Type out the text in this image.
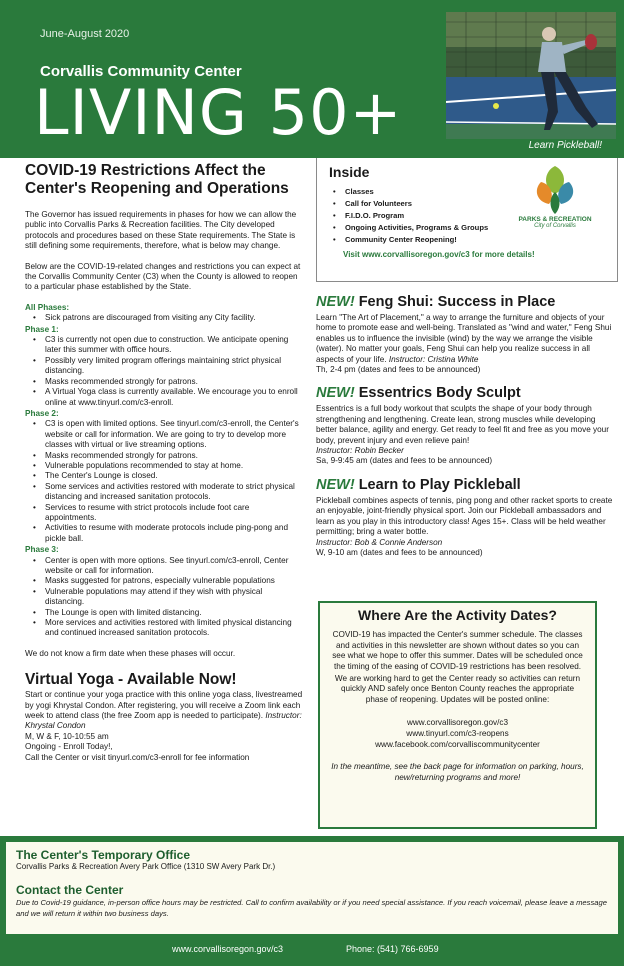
June-August 2020
Corvallis Community Center
LIVING 50+	Learn Pickleball!
COVID-19 Restrictions Affect the Center's Reopening and Operations

The Governor has issued requirements in phases for how we can allow the public into Corvallis Parks & Recreation facilities. The City developed protocols and procedures based on these State requirements. The State is still defining some requirements, therefore, what is below may change.

Below are the COVID-19-related changes and restrictions you can expect at the Corvallis Community Center (C3) when the County is allowed to reopen to a particular phase established by the State.

All Phases:
• Sick patrons are discouraged from visiting any City facility.
Phase 1:
• C3 is currently not open due to construction. We anticipate opening later this summer with office hours.
• Possibly very limited program offerings maintaining strict physical distancing.
• Masks recommended strongly for patrons.
• A Virtual Yoga class is currently available. We encourage you to enroll online at www.tinyurl.com/c3-enroll.
Phase 2:
• C3 is open with limited options. See tinyurl.com/c3-enroll, the Center's website or call for information. We are going to try to develop more classes with virtual or live streaming options.
• Masks recommended strongly for patrons.
• Vulnerable populations recommended to stay at home.
• The Center's Lounge is closed.
• Some services and activities restored with moderate to strict physical distancing and increased sanitation protocols.
• Services to resume with strict protocols include foot care appointments.
• Activities to resume with moderate protocols include ping-pong and pickle ball.
Phase 3:
• Center is open with more options. See tinyurl.com/c3-enroll, Center website or call for information.
• Masks suggested for patrons, especially vulnerable populations
• Vulnerable populations may attend if they wish with physical distancing.
• The Lounge is open with limited distancing.
• More services and activities restored with limited physical distancing and continued increased sanitation protocols.

We do not know a firm date when these phases will occur.

Virtual Yoga - Available Now!
Start or continue your yoga practice with this online yoga class, livestreamed by yogi Khrystal Condon. After registering, you will receive a Zoom link each week to attend class (the free Zoom app is needed to participate). Instructor: Khrystal Condon
M, W & F, 10-10:55 am
Ongoing - Enroll Today!,
Call the Center or visit tinyurl.com/c3-enroll for fee information
Inside
• Classes
• Call for Volunteers
• F.I.D.O. Program
• Ongoing Activities, Programs & Groups
• Community Center Reopening!
Visit www.corvallisoregon.gov/c3 for more details!
PARKS & RECREATION
City of Corvallis
NEW! Feng Shui: Success in Place
Learn "The Art of Placement," a way to arrange the furniture and objects of your home to promote ease and well-being. Translated as "wind and water," Feng Shui enables us to influence the invisible (wind) by the way we arrange the visible (water). No matter your goals, Feng Shui can help you realize success in all aspects of your life. Instructor: Cristina White
Th, 2-4 pm (dates and fees to be announced)
NEW! Essentrics Body Sculpt
Essentrics is a full body workout that sculpts the shape of your body through strengthening and lengthening. Create lean, strong muscles while developing better balance, agility and energy. Get ready to feel fit and free as you move your body, prevent injury and even relieve pain!
Instructor: Robin Becker
Sa, 9-9:45 am (dates and fees to be announced)
NEW! Learn to Play Pickleball
Pickleball combines aspects of tennis, ping pong and other racket sports to create an enjoyable, joint-friendly physical sport. Join our Pickleball ambassadors and learn as you play in this introductory class! Ages 15+. Class will be held weather permitting; bring a water bottle.
Instructor: Bob & Connie Anderson
W, 9-10 am (dates and fees to be announced)
Where Are the Activity Dates?

COVID-19 has impacted the Center's summer schedule. The classes and activities in this newsletter are shown without dates so you can see what we hope to offer this summer. Dates will be scheduled once the timing of the easing of COVID-19 restrictions has been resolved.

We are working hard to get the Center ready so activities can return quickly AND safely once Benton County reaches the appropriate phase of reopening. Updates will be posted online:

www.corvallisoregon.gov/c3
www.tinyurl.com/c3-reopens
www.facebook.com/corvalliscommunitycenter

In the meantime, see the back page for information on parking, hours, new/returning programs and more!

The Center's Temporary Office
Corvallis Parks & Recreation Avery Park Office (1310 SW Avery Park Dr.)
Contact the Center
Due to Covid-19 guidance, in-person office hours may be restricted. Call to confirm availability or if you need special assistance. If you reach voicemail, please leave a message and we will return it within two business days.
www.corvallisoregon.gov/c3	Phone: (541) 766-6959
